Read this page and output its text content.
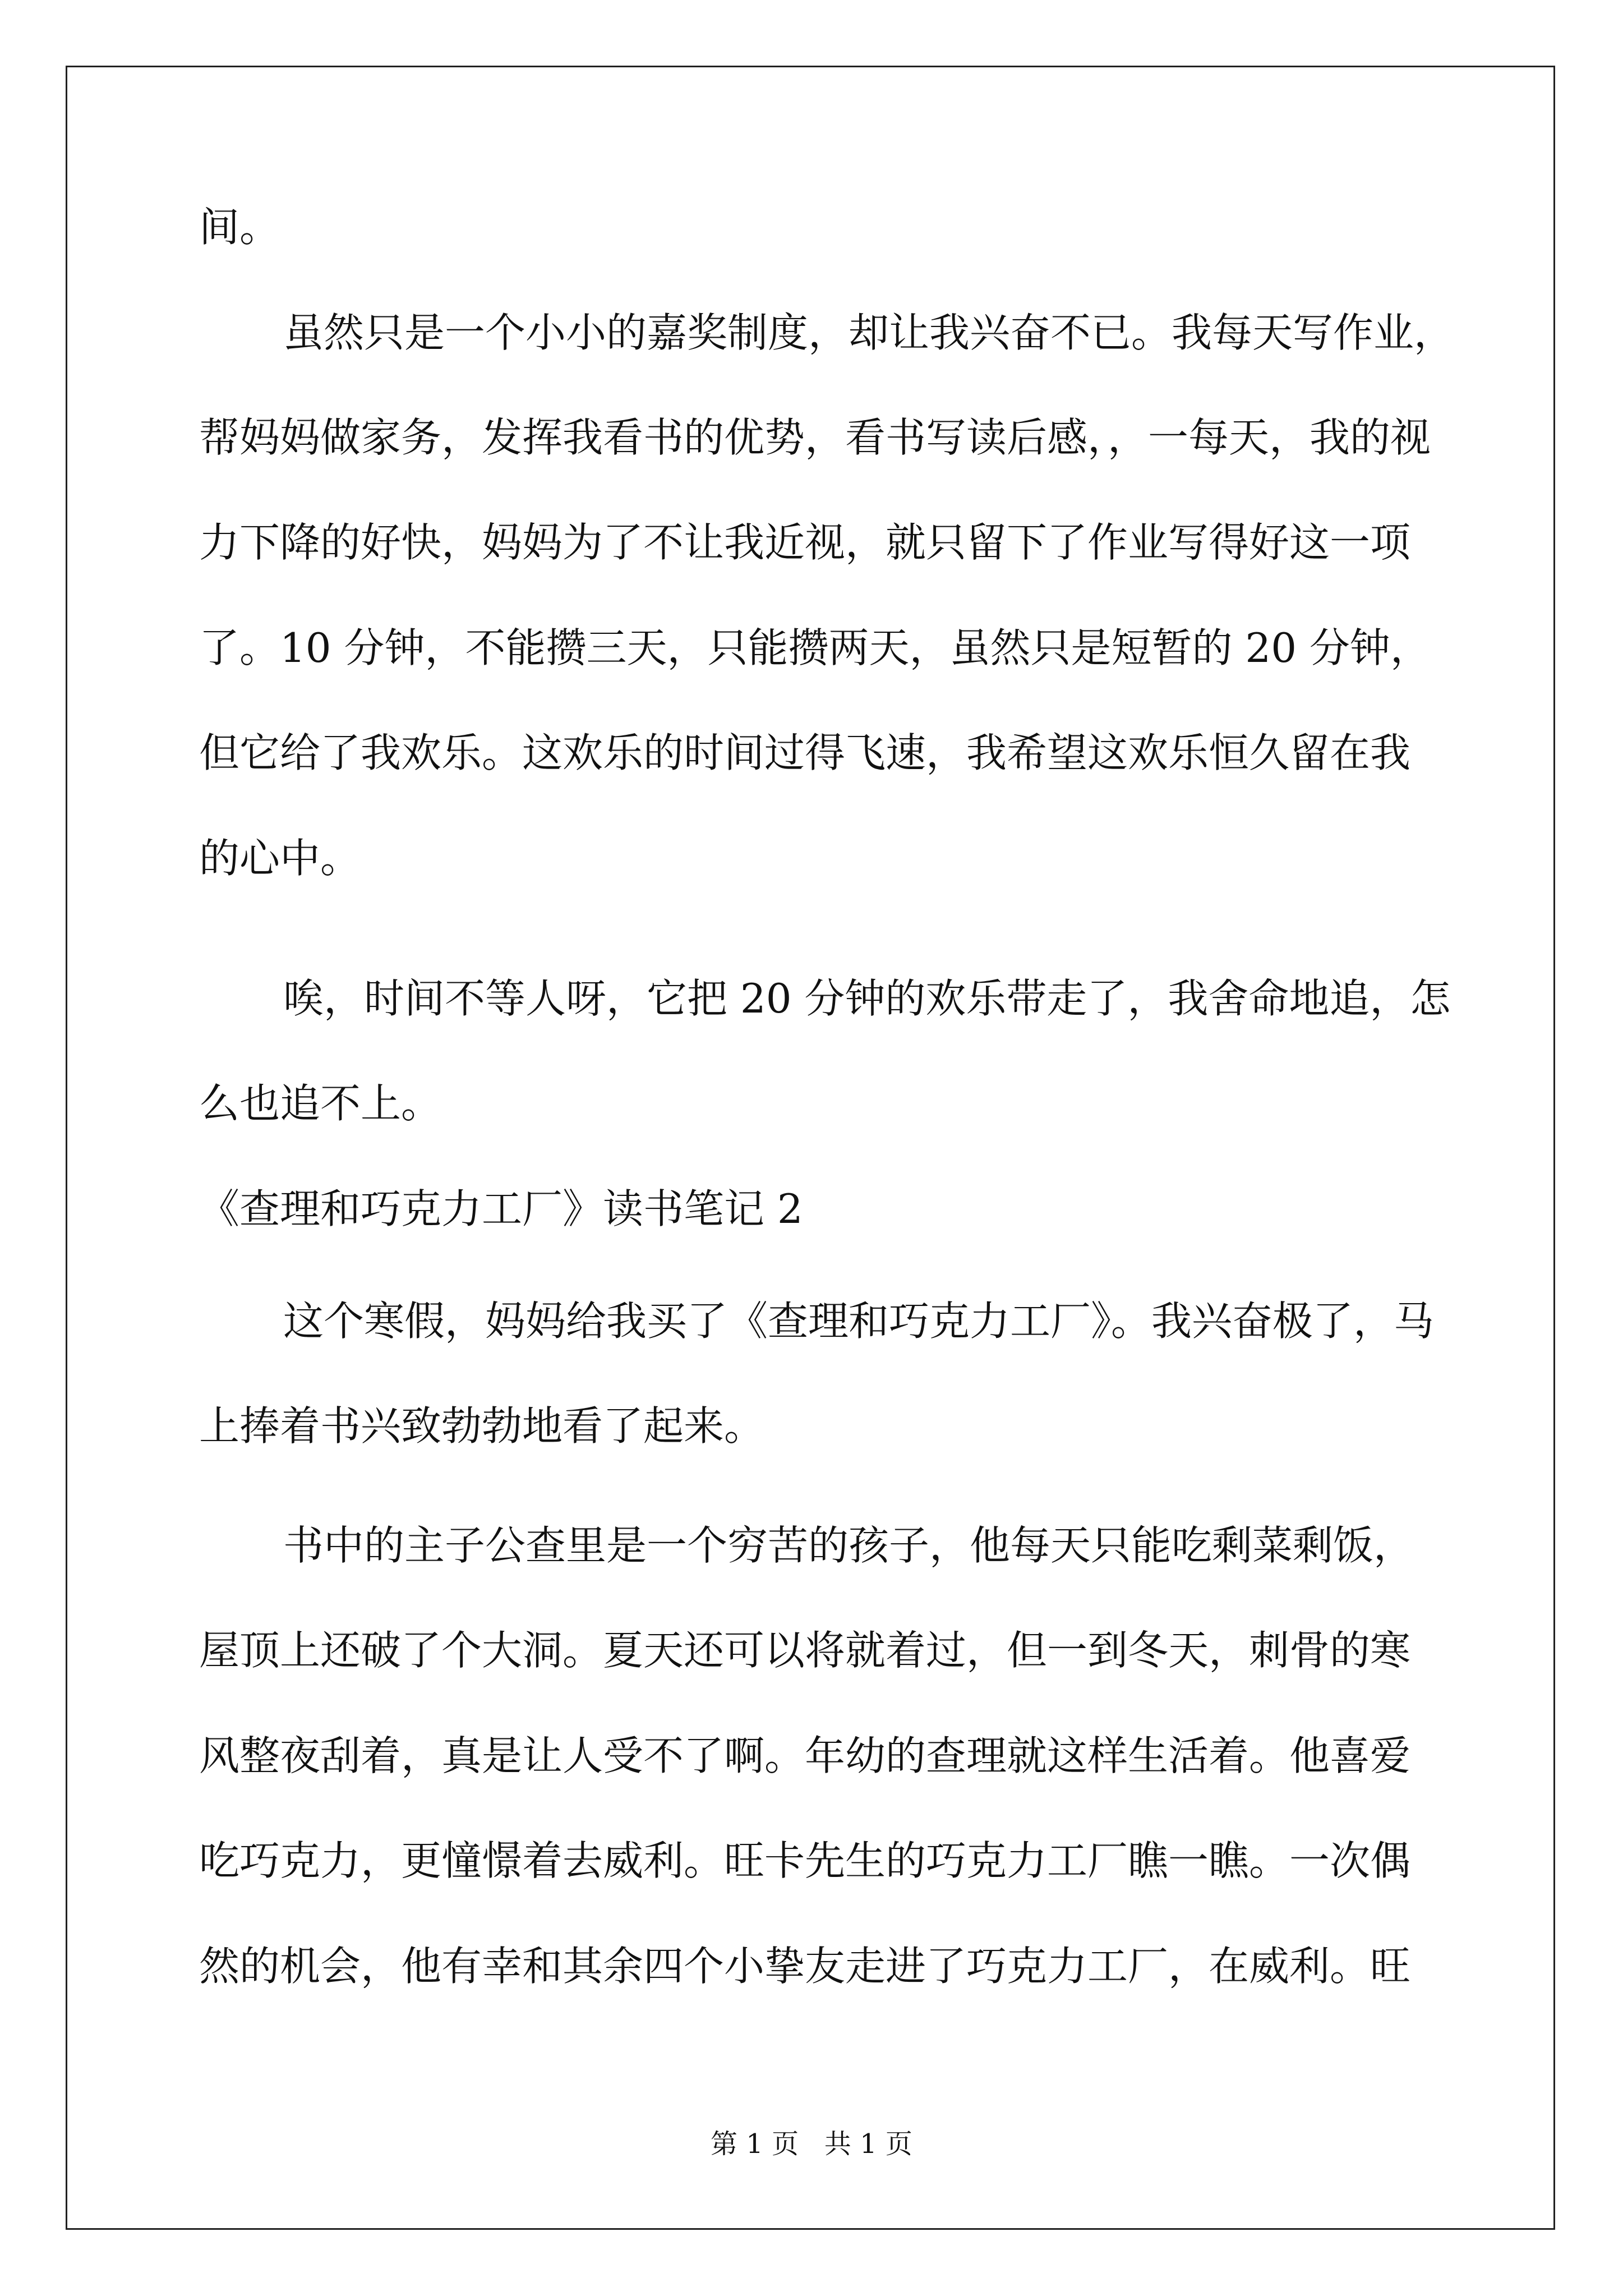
间。

虽然只是一个小小的嘉奖制度，却让我兴奋不已。我每天写作业，

帮妈妈做家务，发挥我看书的优势，看书写读后感，，一每天，我的视

力下降的好快，妈妈为了不让我近视，就只留下了作业写得好这一项

了。10 分钟，不能攒三天，只能攒两天，虽然只是短暂的 20 分钟，

但它给了我欢乐。这欢乐的时间过得飞速，我希望这欢乐恒久留在我

的心中。

唉，时间不等人呀，它把 20 分钟的欢乐带走了，我舍命地追，怎

么也追不上。

《查理和巧克力工厂》读书笔记 2

这个寒假，妈妈给我买了《查理和巧克力工厂》。我兴奋极了，马

上捧着书兴致勃勃地看了起来。

书中的主子公查里是一个穷苦的孩子，他每天只能吃剩菜剩饭，

屋顶上还破了个大洞。夏天还可以将就着过，但一到冬天，刺骨的寒

风整夜刮着，真是让人受不了啊。年幼的查理就这样生活着。他喜爱

吃巧克力，更憧憬着去威利。旺卡先生的巧克力工厂瞧一瞧。一次偶

然的机会，他有幸和其余四个小挚友走进了巧克力工厂，在威利。旺

第 1 页   共 1 页
